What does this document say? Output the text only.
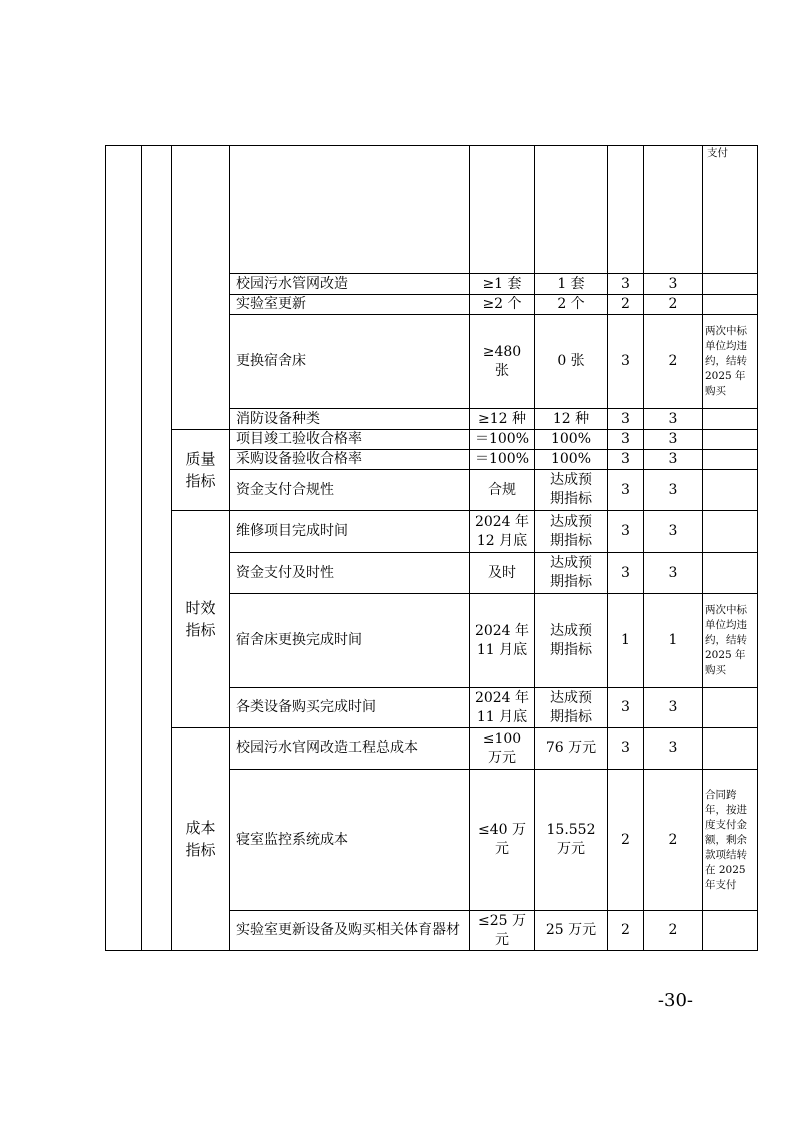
								支付
			校园污水管网改造	≥1 套	1 套	3	3	
			实验室更新	≥2 个	2 个	2	2	
			更换宿舍床	≥480张	0 张	3	2	两次中标单位均违约，结转 2025 年购买
			消防设备种类	≥12 种	12 种	3	3	
		质量指标	项目竣工验收合格率	＝100%	100%	3	3	
			采购设备验收合格率	＝100%	100%	3	3	
			资金支付合规性	合规	达成预期指标	3	3	
		时效指标	维修项目完成时间	2024 年12 月底	达成预期指标	3	3	
			资金支付及时性	及时	达成预期指标	3	3	
			宿舍床更换完成时间	2024 年11 月底	达成预期指标	1	1	两次中标单位均违约，结转 2025 年购买
			各类设备购买完成时间	2024 年11 月底	达成预期指标	3	3	
		成本指标	校园污水官网改造工程总成本	≤100万元	76 万元	3	3	
			寝室监控系统成本	≤40 万元	15.552万元	2	2	合同跨年，按进度支付金额，剩余款项结转在 2025 年支付
			实验室更新设备及购买相关体育器材	≤25 万元	25 万元	2	2	
-30-
